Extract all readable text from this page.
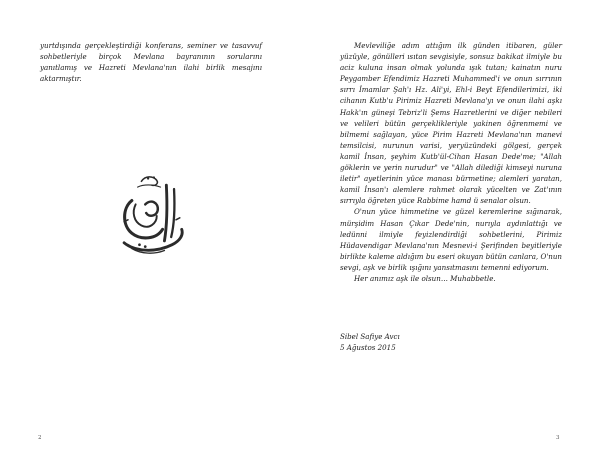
yurtdışında gerçekleştirdiği konferans, seminer ve tasavvuf sohbetleriyle birçok Mevlana bayranının sorularını yanıtlamış ve Hazreti Mevlana'nın ilahi birlik mesajını aktarmıştır.

2

Mevleviliğe adım attığım ilk günden itibaren, güler yüzüyle, gönülleri ısıtan sevgisiyle, sonsuz bakikat ilmiyle bu aciz kuluna insan olmak yolunda ışık tutan; kainatın nuru Peygamber Efendimiz Hazreti Muhammed'i ve onun sırrının sırrı İmamlar Şah'ı Hz. Ali'yi, Ehl-i Beyt Efendilerimizi, iki cihanın Kutb'u Pirimiz Hazreti Mevlana'yı ve onun ilahi aşkı Hakk'ın güneşi Tebriz'li Şems Hazretlerini ve diğer nebileri ve velileri bütün gerçeklikleriyle yakinen öğrenmemi ve bilmemi sağlayan, yüce Pirim Hazreti Mevlana'nın manevi temsilcisi, nurunun varisi, yeryüzündeki gölgesi, gerçek kamil İnsan, şeyhim Kutb'ül-Cihan Hasan Dede'me; "Allah göklerin ve yerin nurudur" ve "Allah dilediği kimseyi nuruna iletir" ayetlerinin yüce manası bürmetine; alemleri yaratan, kamil İnsan'ı alemlere rahmet olarak yücelten ve Zat'ının sırrıyla öğreten yüce Rabbime hamd ü senalar olsun.

O'nun yüce himmetine ve güzel keremlerine sığınarak, mürşidim Hasan Çıkar Dede'nin, nurıyla aydınlattığı ve ledünni ilmiyle feyizlendirdiği sohbetlerini, Pirimiz Hüdavendigar Mevlana'nın Mesnevi-i Şerifinden beyitleriyle birlikte kaleme aldığım bu eseri okuyan bütün canlara, O'nun sevgi, aşk ve birlik ışığını yansıtmasını temenni ediyorum.

Her anımız aşk ile olsun… Muhabbetle.

Sibel Safiye Avcı
5 Ağustos 2015
3
